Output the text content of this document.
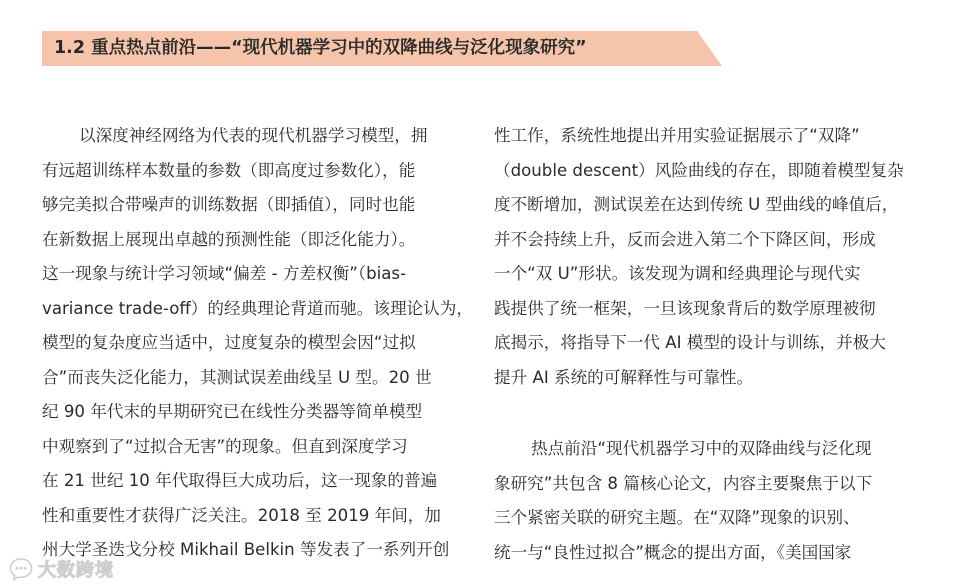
1.2 重点热点前沿——“现代机器学习中的双降曲线与泛化现象研究”
以深度神经网络为代表的现代机器学习模型，拥
有远超训练样本数量的参数（即高度过参数化），能
够完美拟合带噪声的训练数据（即插值），同时也能
在新数据上展现出卓越的预测性能（即泛化能力）。
这一现象与统计学习领域“偏差 - 方差权衡”（bias-
variance trade-off）的经典理论背道而驰。该理论认为，
模型的复杂度应当适中，过度复杂的模型会因“过拟
合”而丧失泛化能力，其测试误差曲线呈 U 型。20 世
纪 90 年代末的早期研究已在线性分类器等简单模型
中观察到了“过拟合无害”的现象。但直到深度学习
在 21 世纪 10 年代取得巨大成功后，这一现象的普遍
性和重要性才获得广泛关注。2018 至 2019 年间，加
州大学圣迭戈分校 Mikhail Belkin 等发表了一系列开创
性工作，系统性地提出并用实验证据展示了“双降”
（double descent）风险曲线的存在，即随着模型复杂
度不断增加，测试误差在达到传统 U 型曲线的峰值后，
并不会持续上升，反而会进入第二个下降区间，形成
一个“双 U”形状。该发现为调和经典理论与现代实
践提供了统一框架，一旦该现象背后的数学原理被彻
底揭示，将指导下一代 AI 模型的设计与训练，并极大
提升 AI 系统的可解释性与可靠性。
热点前沿“现代机器学习中的双降曲线与泛化现
象研究”共包含 8 篇核心论文，内容主要聚焦于以下
三个紧密关联的研究主题。在“双降”现象的识别、
统一与“良性过拟合”概念的提出方面，《美国国家
大数跨境
